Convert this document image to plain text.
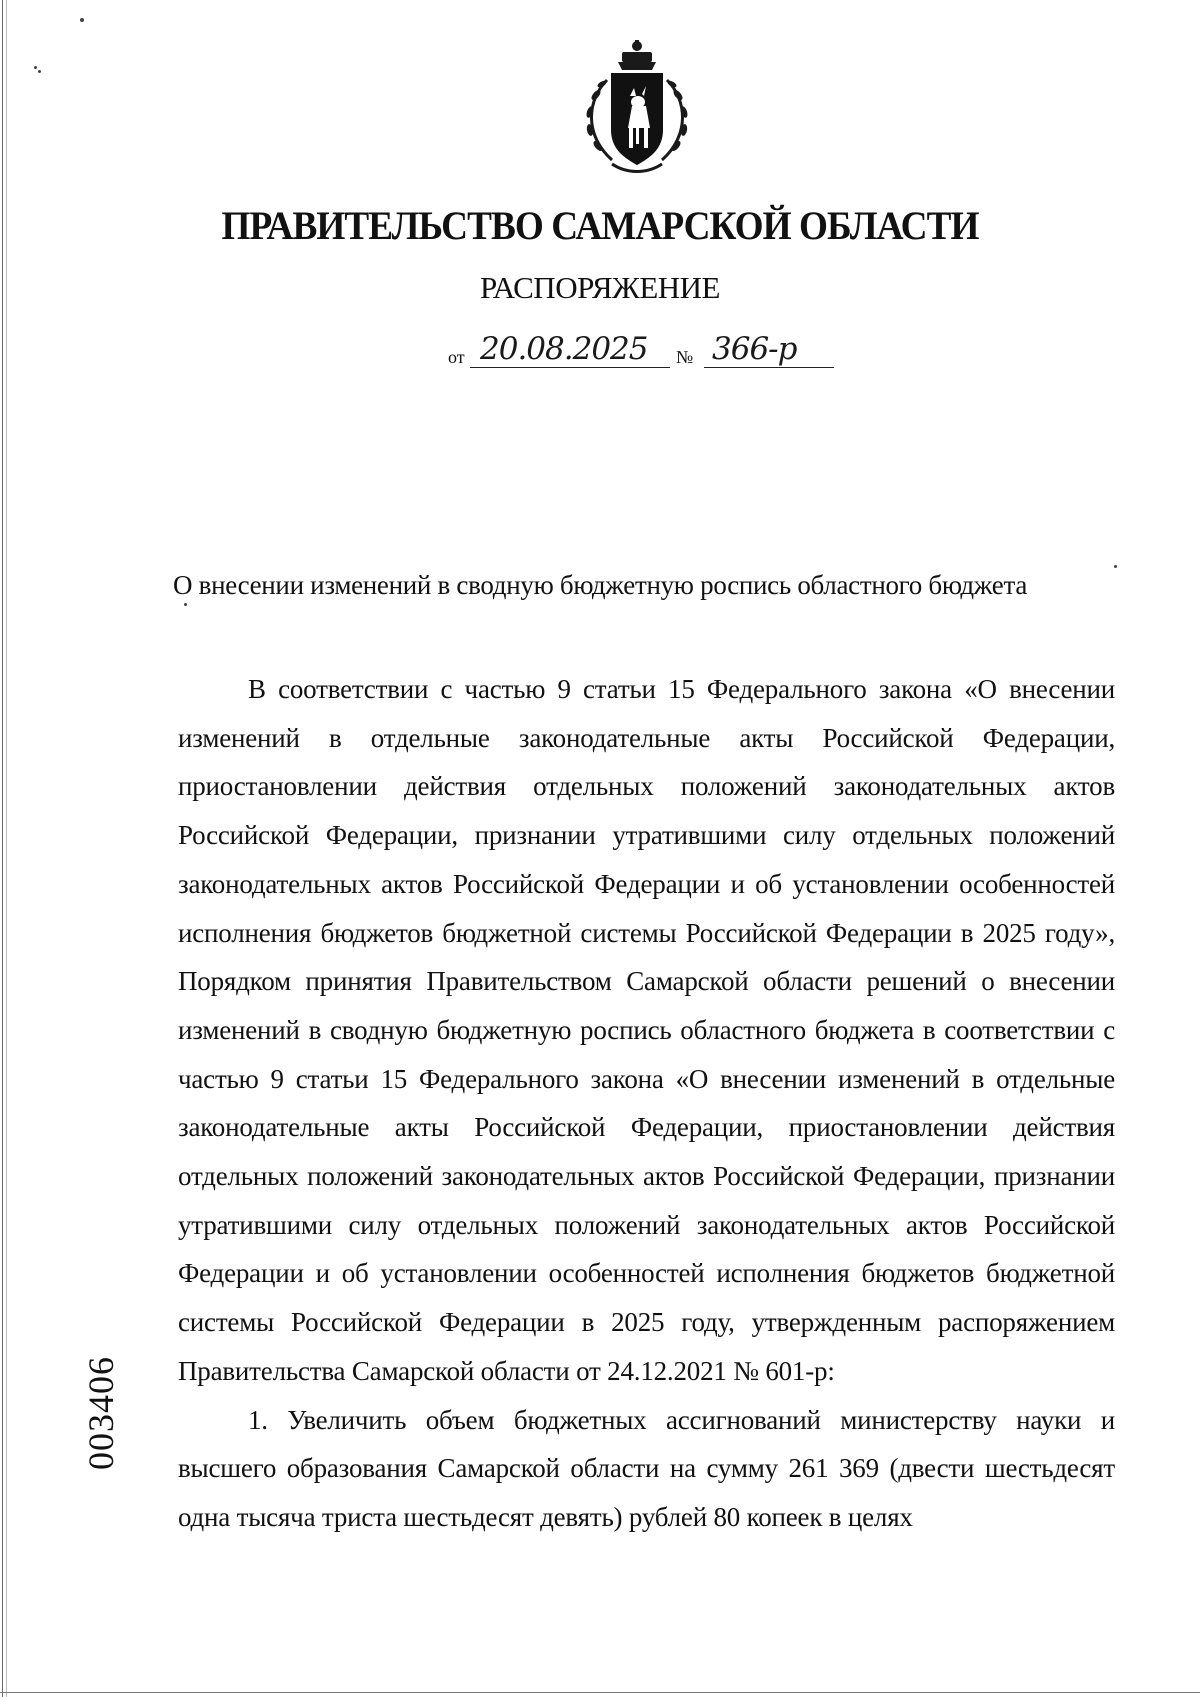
ПРАВИТЕЛЬСТВО САМАРСКОЙ ОБЛАСТИ
РАСПОРЯЖЕНИЕ
от 20.08.2025 № 366-р
О внесении изменений в сводную бюджетную роспись областного бюджета

В соответствии с частью 9 статьи 15 Федерального закона «О внесении изменений в отдельные законодательные акты Российской Федерации, приостановлении действия отдельных положений законодательных актов Российской Федерации, признании утратившими силу отдельных положений законодательных актов Российской Федерации и об установлении особенностей исполнения бюджетов бюджетной системы Российской Федерации в 2025 году», Порядком принятия Правительством Самарской области решений о внесении изменений в сводную бюджетную роспись областного бюджета в соответствии с частью 9 статьи 15 Федерального закона «О внесении изменений в отдельные законодательные акты Российской Федерации, приостановлении действия отдельных положений законодательных актов Российской Федерации, признании утратившими силу отдельных положений законодательных актов Российской Федерации и об установлении особенностей исполнения бюджетов бюджетной системы Российской Федерации в 2025 году, утвержденным распоряжением Правительства Самарской области от 24.12.2021 № 601-р:

1. Увеличить объем бюджетных ассигнований министерству науки и высшего образования Самарской области на сумму 261 369 (двести шестьдесят одна тысяча триста шестьдесят девять) рублей 80 копеек в целях

003406
